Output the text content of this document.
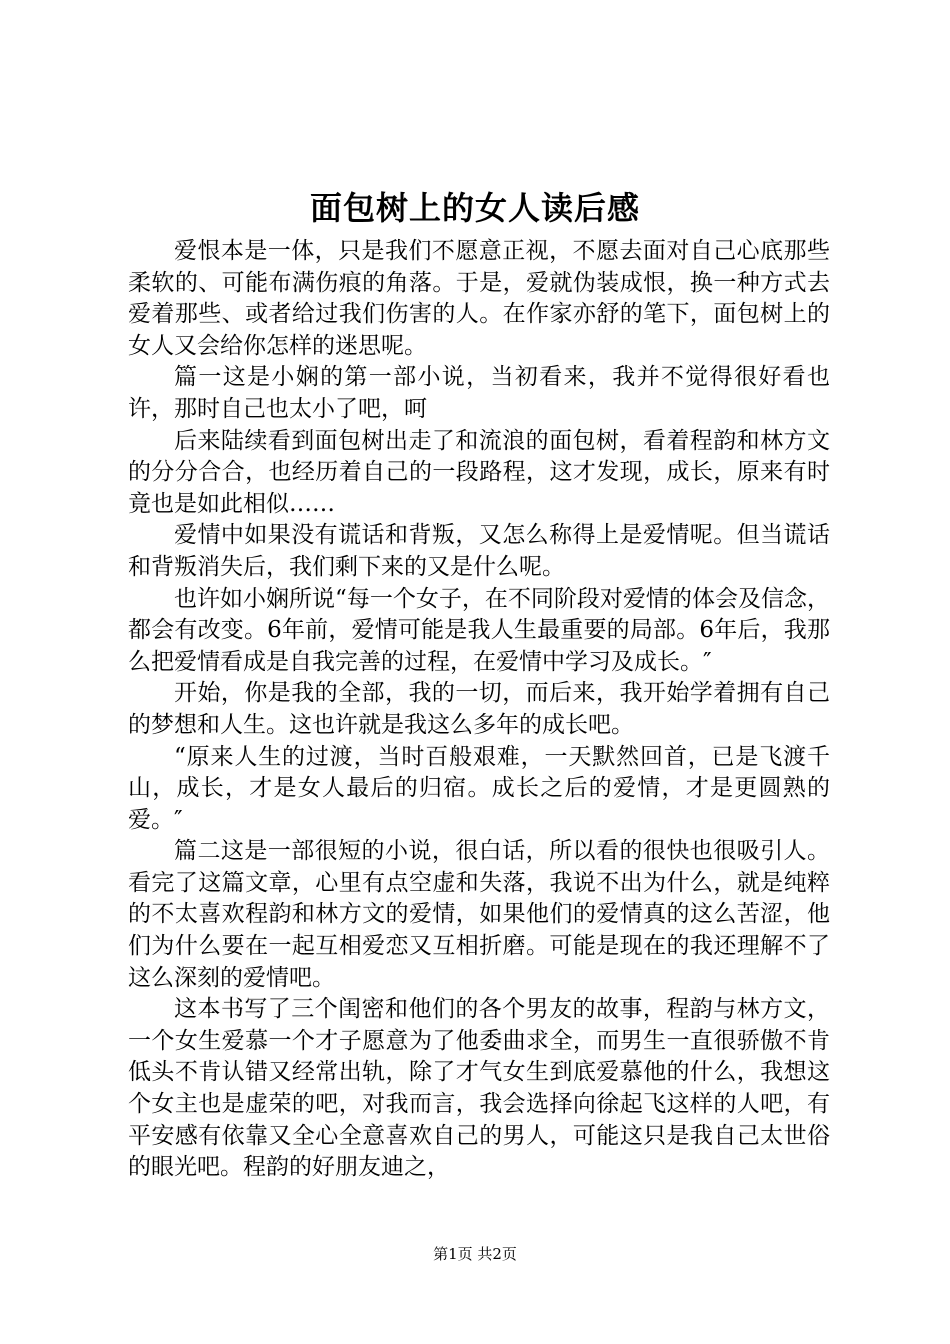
面包树上的女人读后感

爱恨本是一体，只是我们不愿意正视，不愿去面对自己心底那些柔软的、可能布满伤痕的角落。于是，爱就伪装成恨，换一种方式去爱着那些、或者给过我们伤害的人。在作家亦舒的笔下，面包树上的女人又会给你怎样的迷思呢。

篇一这是小娴的第一部小说，当初看来，我并不觉得很好看也许，那时自己也太小了吧，呵

后来陆续看到面包树出走了和流浪的面包树，看着程韵和林方文的分分合合，也经历着自己的一段路程，这才发现，成长，原来有时竟也是如此相似……

爱情中如果没有谎话和背叛，又怎么称得上是爱情呢。但当谎话和背叛消失后，我们剩下来的又是什么呢。

也许如小娴所说“每一个女子，在不同阶段对爱情的体会及信念，都会有改变。6年前，爱情可能是我人生最重要的局部。6年后，我那么把爱情看成是自我完善的过程，在爱情中学习及成长。″

开始，你是我的全部，我的一切，而后来，我开始学着拥有自己的梦想和人生。这也许就是我这么多年的成长吧。

“原来人生的过渡，当时百般艰难，一天默然回首，已是飞渡千山，成长，才是女人最后的归宿。成长之后的爱情，才是更圆熟的爱。″

篇二这是一部很短的小说，很白话，所以看的很快也很吸引人。看完了这篇文章，心里有点空虚和失落，我说不出为什么，就是纯粹的不太喜欢程韵和林方文的爱情，如果他们的爱情真的这么苦涩，他们为什么要在一起互相爱恋又互相折磨。可能是现在的我还理解不了这么深刻的爱情吧。

这本书写了三个闺密和他们的各个男友的故事，程韵与林方文，一个女生爱慕一个才子愿意为了他委曲求全，而男生一直很骄傲不肯低头不肯认错又经常出轨，除了才气女生到底爱慕他的什么，我想这个女主也是虚荣的吧，对我而言，我会选择向徐起飞这样的人吧，有平安感有依靠又全心全意喜欢自己的男人，可能这只是我自己太世俗的眼光吧。程韵的好朋友迪之，

第1页 共2页
